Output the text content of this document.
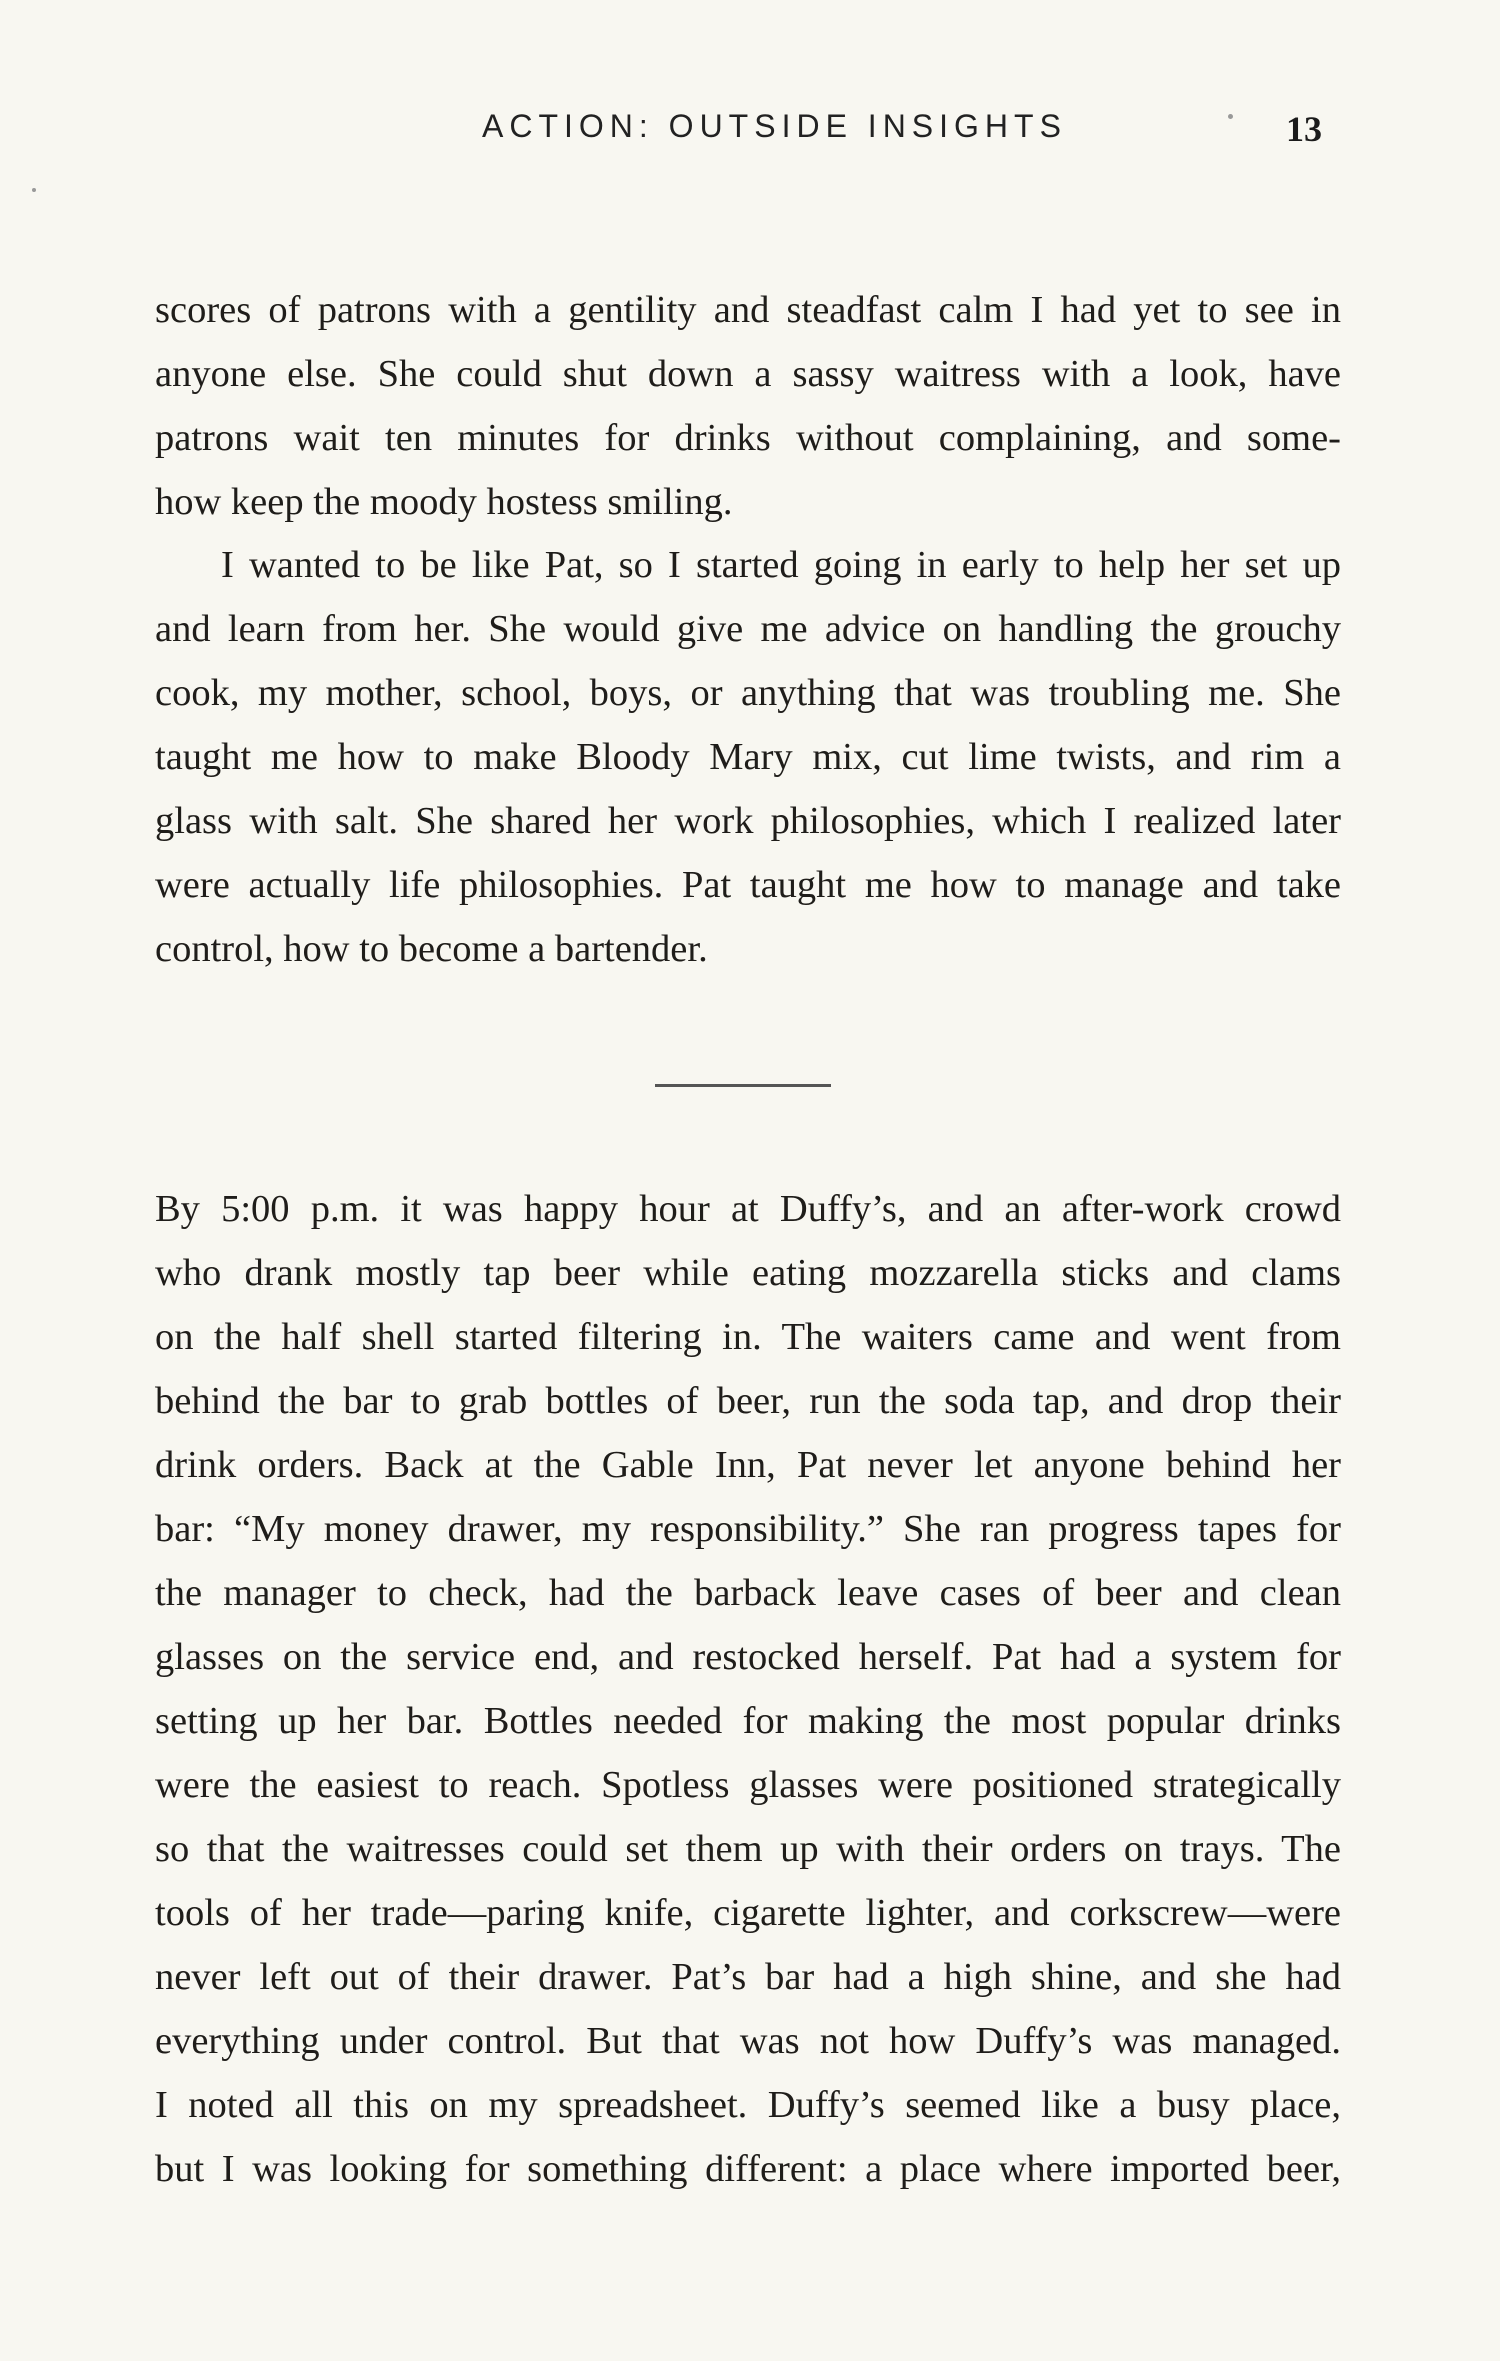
ACTION: OUTSIDE INSIGHTS	13
scores of patrons with a gentility and steadfast calm I had yet to see in
anyone else. She could shut down a sassy waitress with a look, have
patrons wait ten minutes for drinks without complaining, and some-
how keep the moody hostess smiling.
I wanted to be like Pat, so I started going in early to help her set up
and learn from her. She would give me advice on handling the grouchy
cook, my mother, school, boys, or anything that was troubling me. She
taught me how to make Bloody Mary mix, cut lime twists, and rim a
glass with salt. She shared her work philosophies, which I realized later
were actually life philosophies. Pat taught me how to manage and take
control, how to become a bartender.
By 5:00 p.m. it was happy hour at Duffy’s, and an after-work crowd
who drank mostly tap beer while eating mozzarella sticks and clams
on the half shell started filtering in. The waiters came and went from
behind the bar to grab bottles of beer, run the soda tap, and drop their
drink orders. Back at the Gable Inn, Pat never let anyone behind her
bar: “My money drawer, my responsibility.” She ran progress tapes for
the manager to check, had the barback leave cases of beer and clean
glasses on the service end, and restocked herself. Pat had a system for
setting up her bar. Bottles needed for making the most popular drinks
were the easiest to reach. Spotless glasses were positioned strategically
so that the waitresses could set them up with their orders on trays. The
tools of her trade—paring knife, cigarette lighter, and corkscrew—were
never left out of their drawer. Pat’s bar had a high shine, and she had
everything under control. But that was not how Duffy’s was managed.
I noted all this on my spreadsheet. Duffy’s seemed like a busy place,
but I was looking for something different: a place where imported beer,
